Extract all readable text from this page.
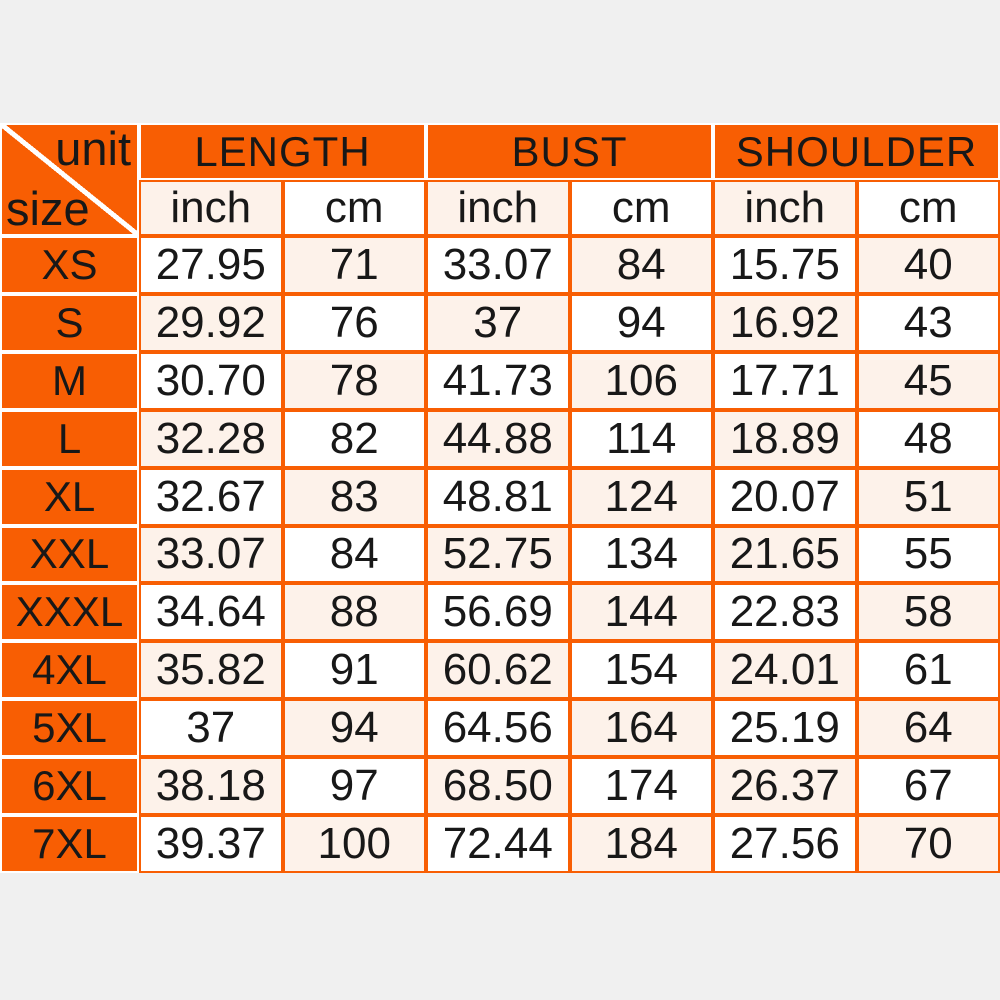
unit
size
LENGTH	BUST	SHOULDER
inch	cm	inch	cm	inch	cm
XS	27.95	71	33.07	84	15.75	40
S	29.92	76	37	94	16.92	43
M	30.70	78	41.73	106	17.71	45
L	32.28	82	44.88	114	18.89	48
XL	32.67	83	48.81	124	20.07	51
XXL	33.07	84	52.75	134	21.65	55
XXXL 34.64	88	56.69	144	22.83	58
4XL	35.82	91	60.62	154	24.01	61
5XL	37	94	64.56	164	25.19	64
6XL	38.18	97	68.50	174	26.37	67
7XL	39.37	100	72.44	184	27.56	70
